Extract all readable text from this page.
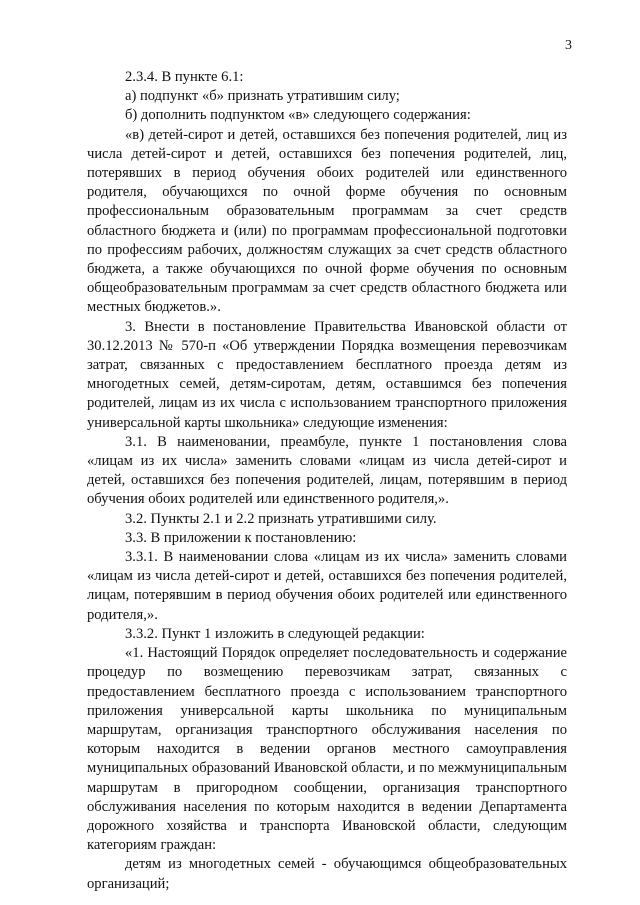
3

2.3.4. В пункте 6.1:

а) подпункт «б» признать утратившим силу;

б) дополнить подпунктом «в» следующего содержания:

«в) детей-сирот и детей, оставшихся без попечения родителей, лиц из числа детей-сирот и детей, оставшихся без попечения родителей, лиц, потерявших в период обучения обоих родителей или единственного родителя, обучающихся по очной форме обучения по основным профессиональным образовательным программам за счет средств областного бюджета и (или) по программам профессиональной подготовки по профессиям рабочих, должностям служащих за счет средств областного бюджета, а также обучающихся по очной форме обучения по основным общеобразовательным программам за счет средств областного бюджета или местных бюджетов.».

3. Внести в постановление Правительства Ивановской области от 30.12.2013 № 570-п «Об утверждении Порядка возмещения перевозчикам затрат, связанных с предоставлением бесплатного проезда детям из многодетных семей, детям-сиротам, детям, оставшимся без попечения родителей, лицам из их числа с использованием транспортного приложения универсальной карты школьника» следующие изменения:

3.1. В наименовании, преамбуле, пункте 1 постановления слова «лицам из их числа» заменить словами «лицам из числа детей-сирот и детей, оставшихся без попечения родителей, лицам, потерявшим в период обучения обоих родителей или единственного родителя,».

3.2. Пункты 2.1 и 2.2 признать утратившими силу.

3.3. В приложении к постановлению:

3.3.1. В наименовании слова «лицам из их числа» заменить словами «лицам из числа детей-сирот и детей, оставшихся без попечения родителей, лицам, потерявшим в период обучения обоих родителей или единственного родителя,».

3.3.2. Пункт 1 изложить в следующей редакции:

«1. Настоящий Порядок определяет последовательность и содержание процедур по возмещению перевозчикам затрат, связанных с предоставлением бесплатного проезда с использованием транспортного приложения универсальной карты школьника по муниципальным маршрутам, организация транспортного обслуживания населения по которым находится в ведении органов местного самоуправления муниципальных образований Ивановской области, и по межмуниципальным маршрутам в пригородном сообщении, организация транспортного обслуживания населения по которым находится в ведении Департамента дорожного хозяйства и транспорта Ивановской области, следующим категориям граждан:

детям из многодетных семей - обучающимся общеобразовательных организаций;
